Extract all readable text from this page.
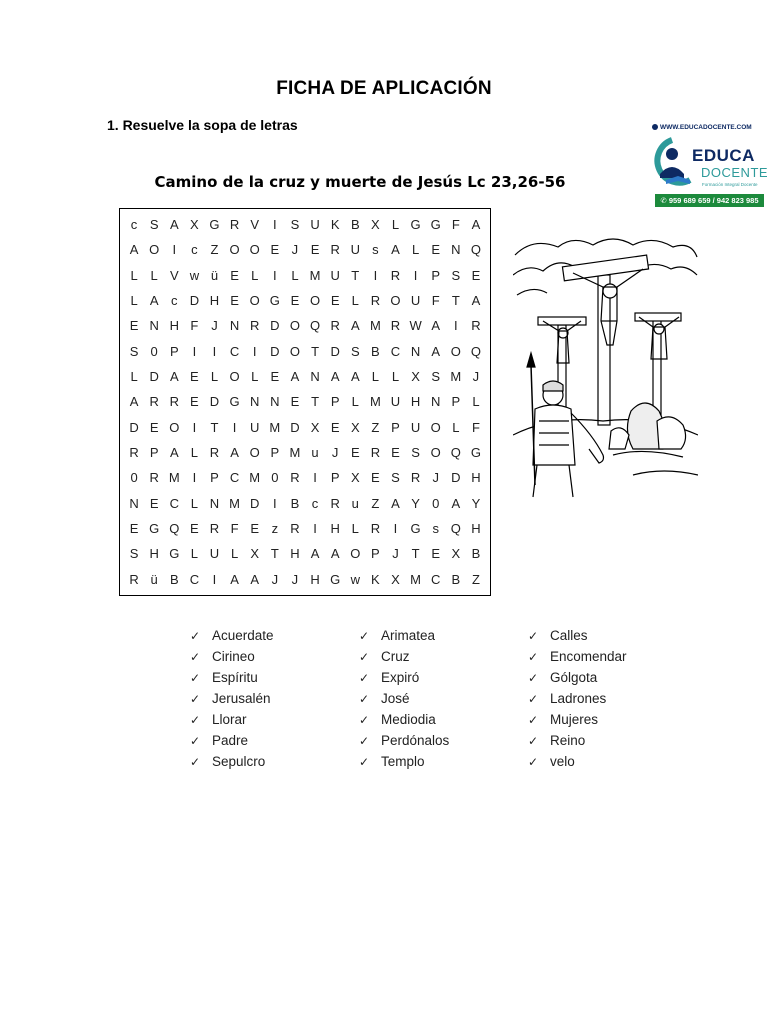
FICHA DE APLICACIÓN
1. Resuelve la sopa de letras
Camino de la cruz y muerte de Jesús Lc 23,26-56
WWW.EDUCADOCENTE.COM
EDUCA
DOCENTE
Formación Integral Docente
✆ 959 689 659 / 942 823 985
c S A X G R V	I	S U K B X L G G F A
A O	I	c Z O O E J E R U s A L E N Q
L L V w ü E L	I	L M U T	I	R	I	P S E
L A c D H E O G E O E L R O U F T A
E N H F J N R D O Q R A M R W A	I	R
S 0 P	I	I	C	I	D O T D S B C N A O Q
L D A E L O L E A N A A L L X S M J
A R R E D G N N E T P L M U H N P L
D E O	I	T	I	U M D X E X Z P U O L F
R P A L R A O P M u	J E R E S O Q G
0 R M I	P C M 0 R	I	P X E S R J D H
N E C L N M D	I	B c R u Z A Y 0 A Y
E G Q E R F E z R	I	H L R	I	G s Q H
S H G L U L X T H A A O P J T E X B
R ü B C	I	A A J	J H G w K X M C B Z
✓ Acuerdate
✓ Cirineo
✓ Espíritu
✓ Jerusalén
✓ Llorar
✓ Padre
✓ Sepulcro
✓ Arimatea
✓ Cruz
✓ Expiró
✓ José
✓ Mediodia
✓ Perdónalos
✓ Templo
✓ Calles
✓ Encomendar
✓ Gólgota
✓ Ladrones
✓ Mujeres
✓ Reino
✓ velo
